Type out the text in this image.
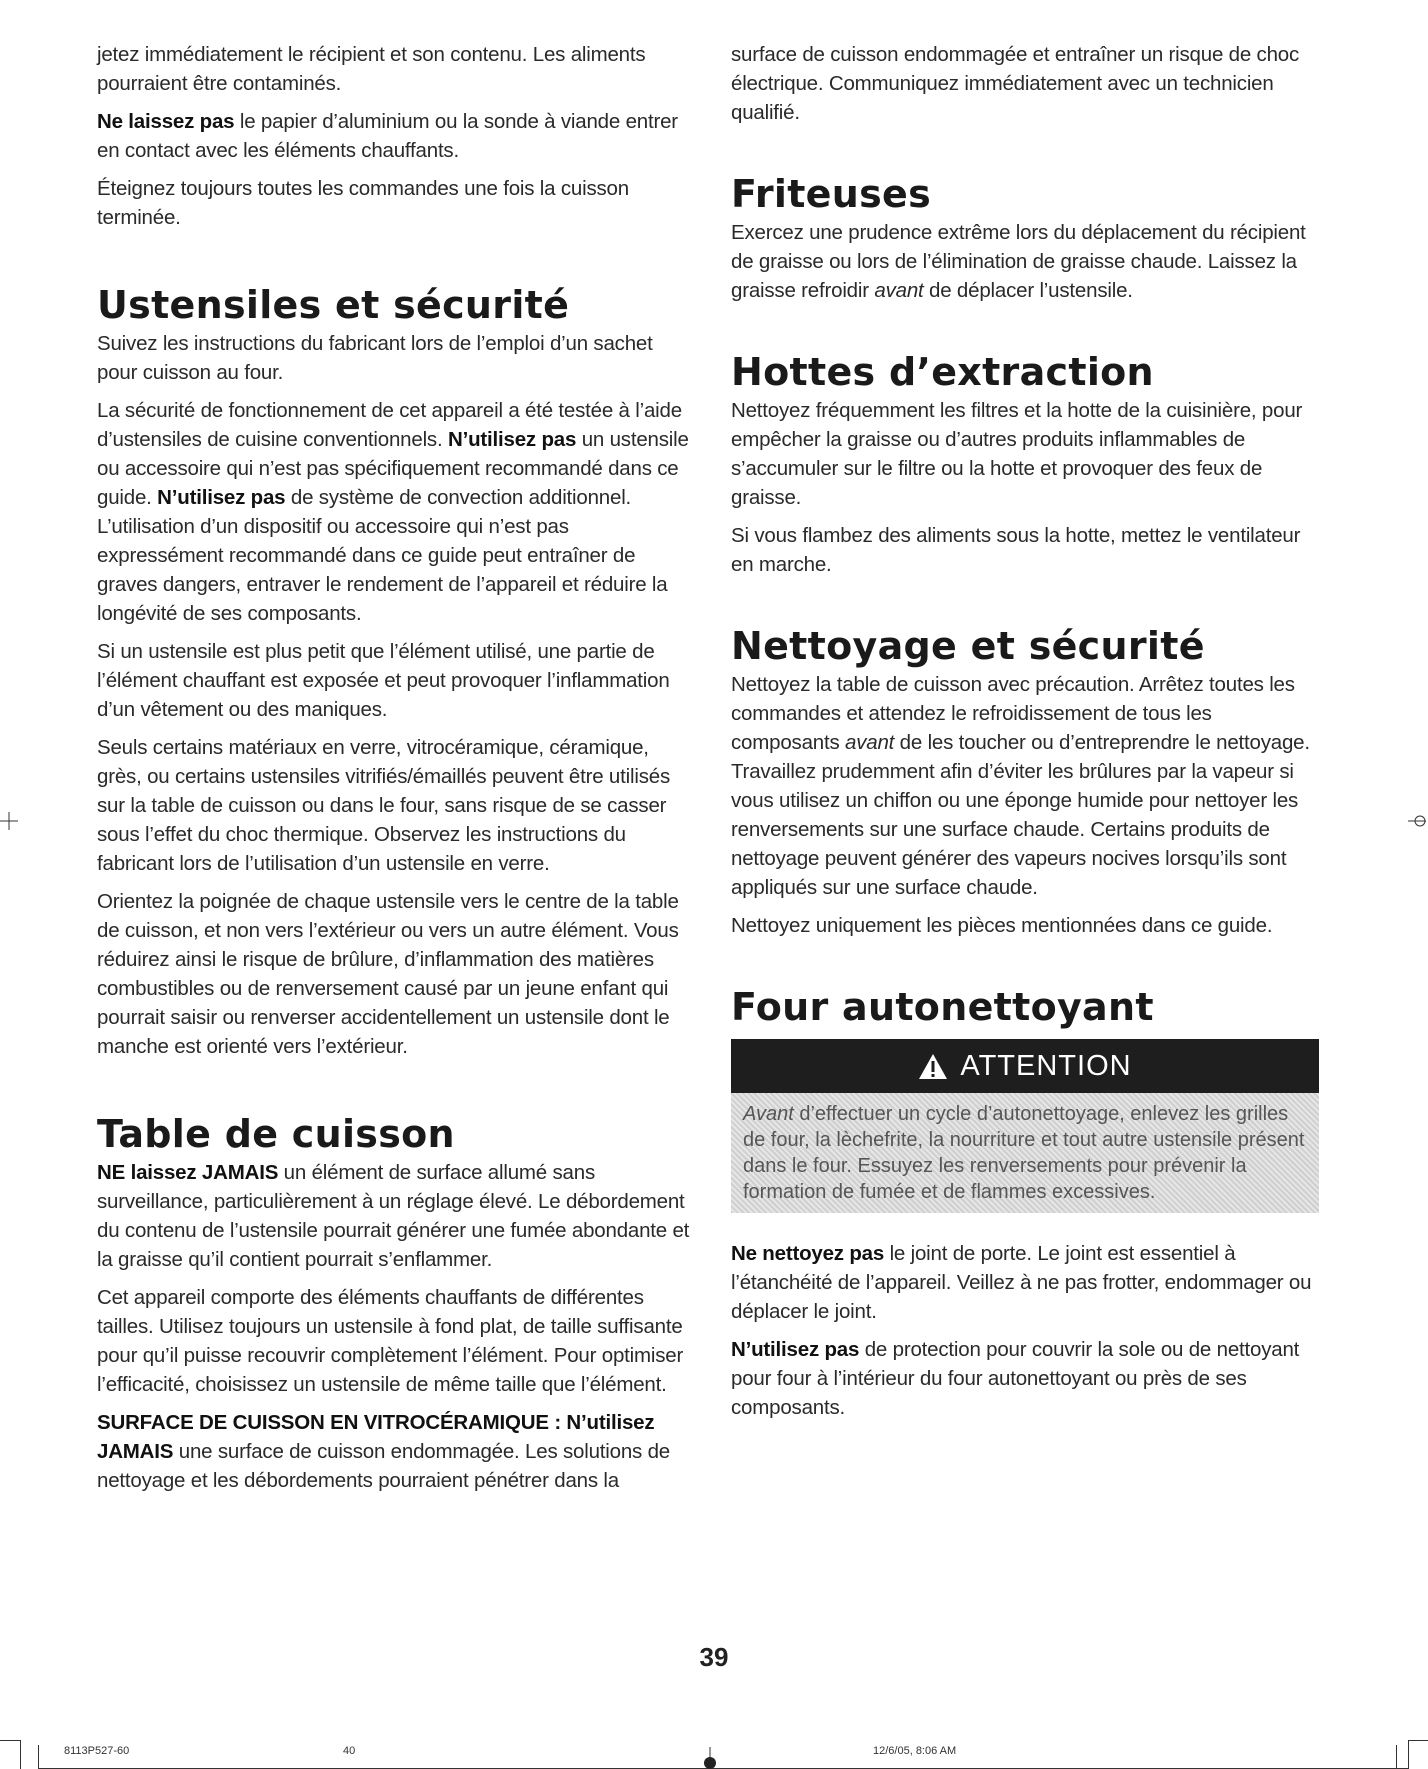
jetez immédiatement le récipient et son contenu. Les aliments pourraient être contaminés.

Ne laissez pas le papier d’aluminium ou la sonde à viande entrer en contact avec les éléments chauffants.

Éteignez toujours toutes les commandes une fois la cuisson terminée.

Ustensiles et sécurité

Suivez les instructions du fabricant lors de l’emploi d’un sachet pour cuisson au four.

La sécurité de fonctionnement de cet appareil a été testée à l’aide d’ustensiles de cuisine conventionnels. N’utilisez pas un ustensile ou accessoire qui n’est pas spécifiquement recommandé dans ce guide. N’utilisez pas de système de convection additionnel. L’utilisation d’un dispositif ou accessoire qui n’est pas expressément recommandé dans ce guide peut entraîner de graves dangers, entraver le rendement de l’appareil et réduire la longévité de ses composants.

Si un ustensile est plus petit que l’élément utilisé, une partie de l’élément chauffant est exposée et peut provoquer l’inflammation d’un vêtement ou des maniques.

Seuls certains matériaux en verre, vitrocéramique, céramique, grès, ou certains ustensiles vitrifiés/émaillés peuvent être utilisés sur la table de cuisson ou dans le four, sans risque de se casser sous l’effet du choc thermique. Observez les instructions du fabricant lors de l’utilisation d’un ustensile en verre.

Orientez la poignée de chaque ustensile vers le centre de la table de cuisson, et non vers l’extérieur ou vers un autre élément. Vous réduirez ainsi le risque de brûlure, d’inflammation des matières combustibles ou de renversement causé par un jeune enfant qui pourrait saisir ou renverser accidentellement un ustensile dont le manche est orienté vers l’extérieur.

Table de cuisson

NE laissez JAMAIS un élément de surface allumé sans surveillance, particulièrement à un réglage élevé. Le débordement du contenu de l’ustensile pourrait générer une fumée abondante et la graisse qu’il contient pourrait s’enflammer.

Cet appareil comporte des éléments chauffants de différentes tailles. Utilisez toujours un ustensile à fond plat, de taille suffisante pour qu’il puisse recouvrir complètement l’élément. Pour optimiser l’efficacité, choisissez un ustensile de même taille que l’élément.

SURFACE DE CUISSON EN VITROCÉRAMIQUE : N’utilisez JAMAIS une surface de cuisson endommagée. Les solutions de nettoyage et les débordements pourraient pénétrer dans la

surface de cuisson endommagée et entraîner un risque de choc électrique. Communiquez immédiatement avec un technicien qualifié.

Friteuses

Exercez une prudence extrême lors du déplacement du récipient de graisse ou lors de l’élimination de graisse chaude. Laissez la graisse refroidir avant de déplacer l’ustensile.

Hottes d’extraction

Nettoyez fréquemment les filtres et la hotte de la cuisinière, pour empêcher la graisse ou d’autres produits inflammables de s’accumuler sur le filtre ou la hotte et provoquer des feux de graisse.

Si vous flambez des aliments sous la hotte, mettez le ventilateur en marche.

Nettoyage et sécurité

Nettoyez la table de cuisson avec précaution. Arrêtez toutes les commandes et attendez le refroidissement de tous les composants avant de les toucher ou d’entreprendre le nettoyage. Travaillez prudemment afin d’éviter les brûlures par la vapeur si vous utilisez un chiffon ou une éponge humide pour nettoyer les renversements sur une surface chaude. Certains produits de nettoyage peuvent générer des vapeurs nocives lorsqu’ils sont appliqués sur une surface chaude.

Nettoyez uniquement les pièces mentionnées dans ce guide.

Four autonettoyant
ATTENTION
Avant d’effectuer un cycle d’autonettoyage, enlevez les grilles de four, la lèchefrite, la nourriture et tout autre ustensile présent dans le four. Essuyez les renversements pour prévenir la formation de fumée et de flammes excessives.

Ne nettoyez pas le joint de porte. Le joint est essentiel à l’étanchéité de l’appareil. Veillez à ne pas frotter, endommager ou déplacer le joint.

N’utilisez pas de protection pour couvrir la sole ou de nettoyant pour four à l’intérieur du four autonettoyant ou près de ses composants.

39
8113P527-60	40	12/6/05, 8:06 AM
